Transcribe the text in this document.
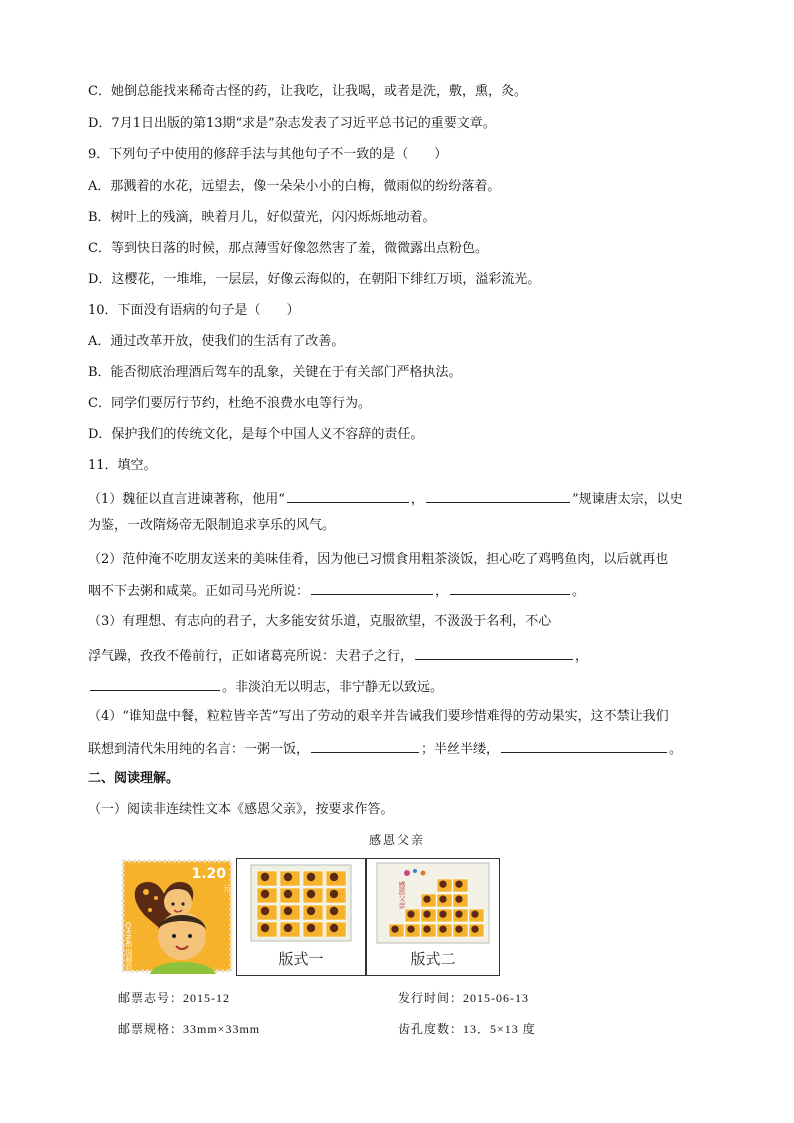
C．她倒总能找来稀奇古怪的药，让我吃，让我喝，或者是洗，敷，熏，灸。
D．7月1日出版的第13期“求是”杂志发表了习近平总书记的重要文章。
9．下列句子中使用的修辞手法与其他句子不一致的是（　　）
A．那溅着的水花，远望去，像一朵朵小小的白梅，微雨似的纷纷落着。
B．树叶上的残滴，映着月儿，好似萤光，闪闪烁烁地动着。
C．等到快日落的时候，那点薄雪好像忽然害了羞，微微露出点粉色。
D．这樱花，一堆堆，一层层，好像云海似的，在朝阳下绯红万顷，溢彩流光。
10．下面没有语病的句子是（　　）
A．通过改革开放，使我们的生活有了改善。
B．能否彻底治理酒后驾车的乱象，关键在于有关部门严格执法。
C．同学们要厉行节约，杜绝不浪费水电等行为。
D．保护我们的传统文化，是每个中国人义不容辞的责任。
11．填空。
（1）魏征以直言进谏著称，他用“	，	”规谏唐太宗，以史
为鉴，一改隋炀帝无限制追求享乐的风气。
（2）范仲淹不吃朋友送来的美味佳肴，因为他已习惯食用粗茶淡饭，担心吃了鸡鸭鱼肉，以后就再也
咽不下去粥和咸菜。正如司马光所说：	，	。
（3）有理想、有志向的君子，大多能安贫乐道，克服欲望，不汲汲于名利，不心
浮气躁，孜孜不倦前行，正如诸葛亮所说：夫君子之行，	，
。非淡泊无以明志，非宁静无以致远。
（4）“谁知盘中餐，粒粒皆辛苦”写出了劳动的艰辛并告诫我们要珍惜难得的劳动果实，这不禁让我们
联想到清代朱用纯的名言：一粥一饭，	；半丝半缕，	。
二、阅读理解。
（一）阅读非连续性文本《感恩父亲》，按要求作答。
感恩父亲
1.20
元
CHINA
中国邮政	版式一
感恩父亲
版式二
邮票志号：2015-12	发行时间：2015-06-13
邮票规格：33mm×33mm	齿孔度数：13．5×13 度
